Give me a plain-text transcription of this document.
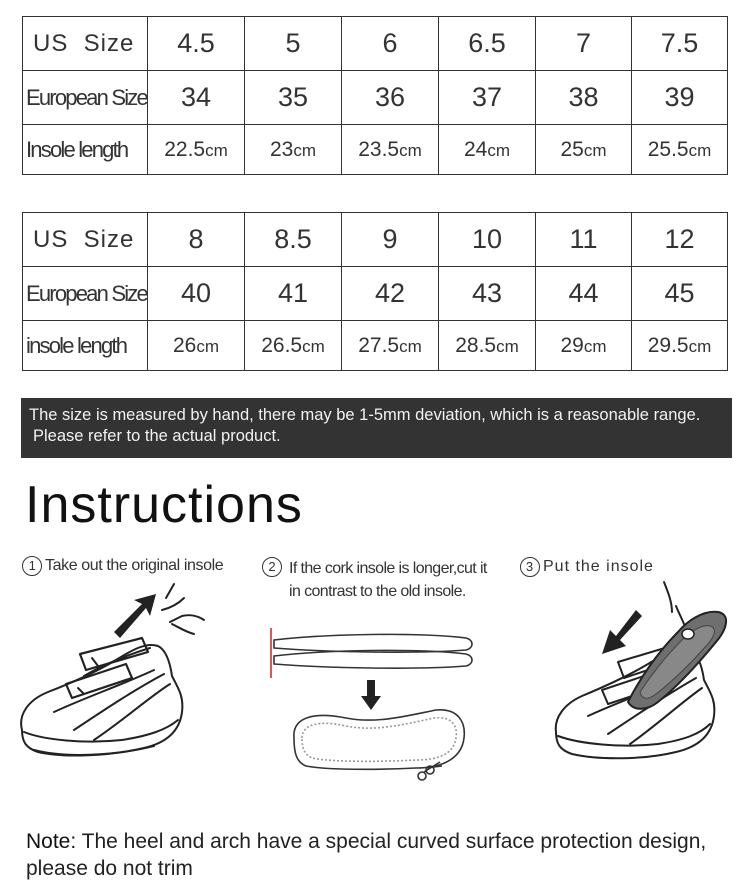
US  Size	4.5	5	6	6.5	7	7.5
European Size	34	35	36	37	38	39
Insole length	22.5cm	23cm	23.5cm	24cm	25cm	25.5cm
US  Size	8	8.5	9	10	11	12
European Size	40	41	42	43	44	45
insole length	26cm	26.5cm	27.5cm	28.5cm	29cm	29.5cm
The size is measured by hand, there may be 1-5mm deviation, which is a reasonable range.
Please refer to the actual product.
Instructions
1 Take out the original insole	2 If the cork insole is longer,cut it
in contrast to the old insole.
3 Put the insole
Note: The heel and arch have a special curved surface protection design, please do not trim
